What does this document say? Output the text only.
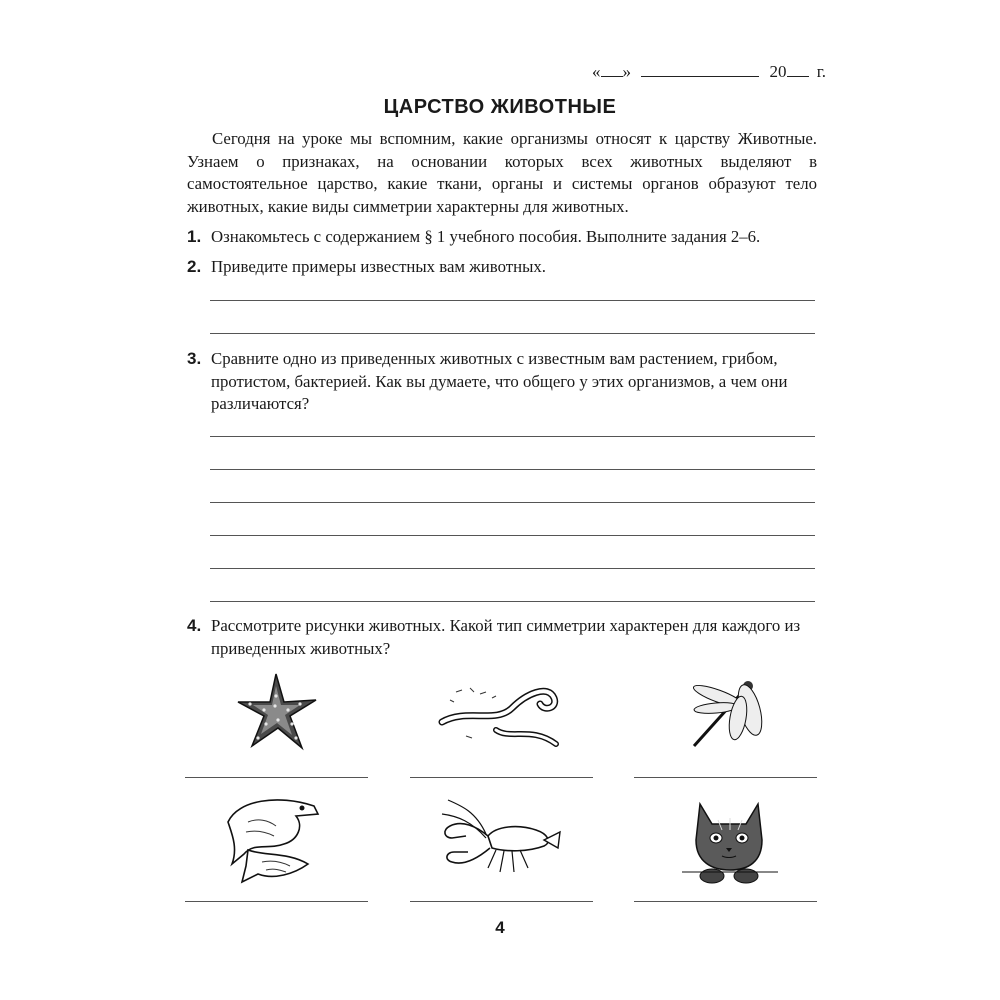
« »	20 г.
ЦАРСТВО ЖИВОТНЫЕ

Сегодня на уроке мы вспомним, какие организмы относят к царству Животные. Узнаем о признаках, на основании которых всех животных выделяют в самостоятельное царство, какие ткани, органы и системы органов образуют тело животных, какие виды симметрии характерны для животных.

1. Ознакомьтесь с содержанием § 1 учебного пособия. Выполните задания 2–6.
2. Приведите примеры известных вам животных.
3. Сравните одно из приведенных животных с известным вам растением, грибом, протистом, бактерией. Как вы думаете, что общего у этих организмов, а чем они различаются?
4. Рассмотрите рисунки животных. Какой тип симметрии характерен для каждого из приведенных животных?
4
